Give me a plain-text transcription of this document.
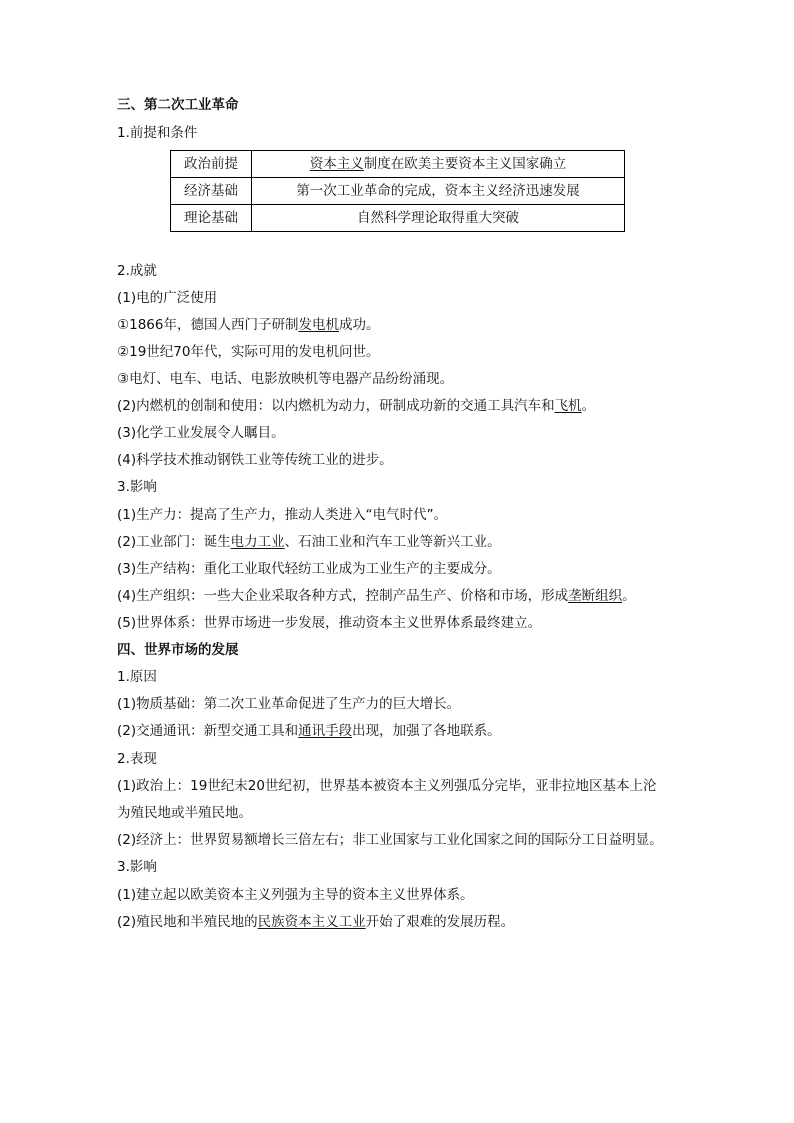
三、第二次工业革命
1.前提和条件
政治前提	资本主义制度在欧美主要资本主义国家确立
经济基础	第一次工业革命的完成，资本主义经济迅速发展
理论基础	自然科学理论取得重大突破
2.成就
(1)电的广泛使用
①1866年，德国人西门子研制发电机成功。
②19世纪70年代，实际可用的发电机问世。
③电灯、电车、电话、电影放映机等电器产品纷纷涌现。
(2)内燃机的创制和使用：以内燃机为动力，研制成功新的交通工具汽车和飞机。
(3)化学工业发展令人瞩目。
(4)科学技术推动钢铁工业等传统工业的进步。
3.影响
(1)生产力：提高了生产力，推动人类进入“电气时代”。
(2)工业部门：诞生电力工业、石油工业和汽车工业等新兴工业。
(3)生产结构：重化工业取代轻纺工业成为工业生产的主要成分。
(4)生产组织：一些大企业采取各种方式，控制产品生产、价格和市场，形成垄断组织。
(5)世界体系：世界市场进一步发展，推动资本主义世界体系最终建立。
四、世界市场的发展
1.原因
(1)物质基础：第二次工业革命促进了生产力的巨大增长。
(2)交通通讯：新型交通工具和通讯手段出现，加强了各地联系。
2.表现
(1)政治上：19世纪末20世纪初，世界基本被资本主义列强瓜分完毕，亚非拉地区基本上沦
为殖民地或半殖民地。
(2)经济上：世界贸易额增长三倍左右；非工业国家与工业化国家之间的国际分工日益明显。
3.影响
(1)建立起以欧美资本主义列强为主导的资本主义世界体系。
(2)殖民地和半殖民地的民族资本主义工业开始了艰难的发展历程。
